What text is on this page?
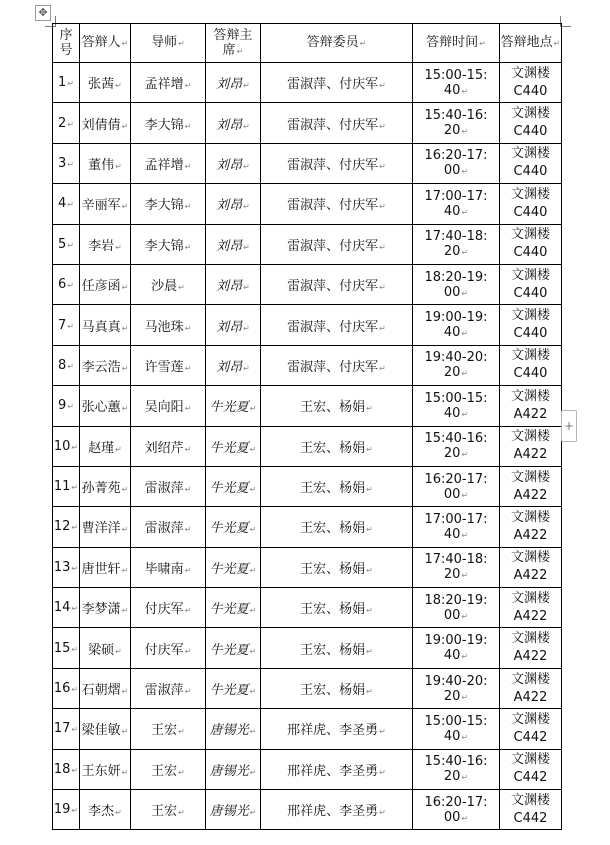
✥
序
号	答辩人↵	导师↵	答辩主
席↵	答辩委员↵	答辩时间↵	答辩地点↵
1↵	张茜↵	孟祥增↵	刘昂↵	雷淑萍、付庆军↵	15:00-15: 40↵	文渊楼
C440

2↵	刘倩倩↵	李大锦↵	刘昂↵	雷淑萍、付庆军↵	15:40-16: 20↵	文渊楼
C440

3↵	董伟↵	孟祥增↵	刘昂↵	雷淑萍、付庆军↵	16:20-17: 00↵	文渊楼
C440

4↵	辛丽军↵	李大锦↵	刘昂↵	雷淑萍、付庆军↵	17:00-17: 40↵	文渊楼
C440

5↵	李岩↵	李大锦↵	刘昂↵	雷淑萍、付庆军↵	17:40-18: 20↵	文渊楼
C440

6↵	任彦函↵	沙晨↵	刘昂↵	雷淑萍、付庆军↵	18:20-19: 00↵	文渊楼
C440

7↵	马真真↵	马池珠↵	刘昂↵	雷淑萍、付庆军↵	19:00-19: 40↵	文渊楼
C440

8↵	李云浩↵	许雪莲↵	刘昂↵	雷淑萍、付庆军↵	19:40-20: 20↵	文渊楼
C440

9↵	张心蕙↵	吴向阳↵	牛光夏↵	王宏、杨娟↵	15:00-15: 40↵	文渊楼
A422

10↵	赵瑾↵	刘绍芹↵	牛光夏↵	王宏、杨娟↵	15:40-16: 20↵	文渊楼
A422

11↵	孙菁苑↵	雷淑萍↵	牛光夏↵	王宏、杨娟↵	16:20-17: 00↵	文渊楼
A422

12↵	曹洋洋↵	雷淑萍↵	牛光夏↵	王宏、杨娟↵	17:00-17: 40↵	文渊楼
A422

13↵	唐世轩↵	毕啸南↵	牛光夏↵	王宏、杨娟↵	17:40-18: 20↵	文渊楼
A422

14↵	李梦潇↵	付庆军↵	牛光夏↵	王宏、杨娟↵	18:20-19: 00↵	文渊楼
A422

15↵	梁硕↵	付庆军↵	牛光夏↵	王宏、杨娟↵	19:00-19: 40↵	文渊楼
A422

16↵	石朝熠↵	雷淑萍↵	牛光夏↵	王宏、杨娟↵	19:40-20: 20↵	文渊楼
A422

17↵	梁佳敏↵	王宏↵	唐锡光↵	邢祥虎、李圣勇↵	15:00-15: 40↵	文渊楼
C442

18↵	王东妍↵	王宏↵	唐锡光↵	邢祥虎、李圣勇↵	15:40-16: 20↵	文渊楼
C442

19↵	李杰↵	王宏↵	唐锡光↵	邢祥虎、李圣勇↵	16:20-17: 00↵	文渊楼
C442
+
